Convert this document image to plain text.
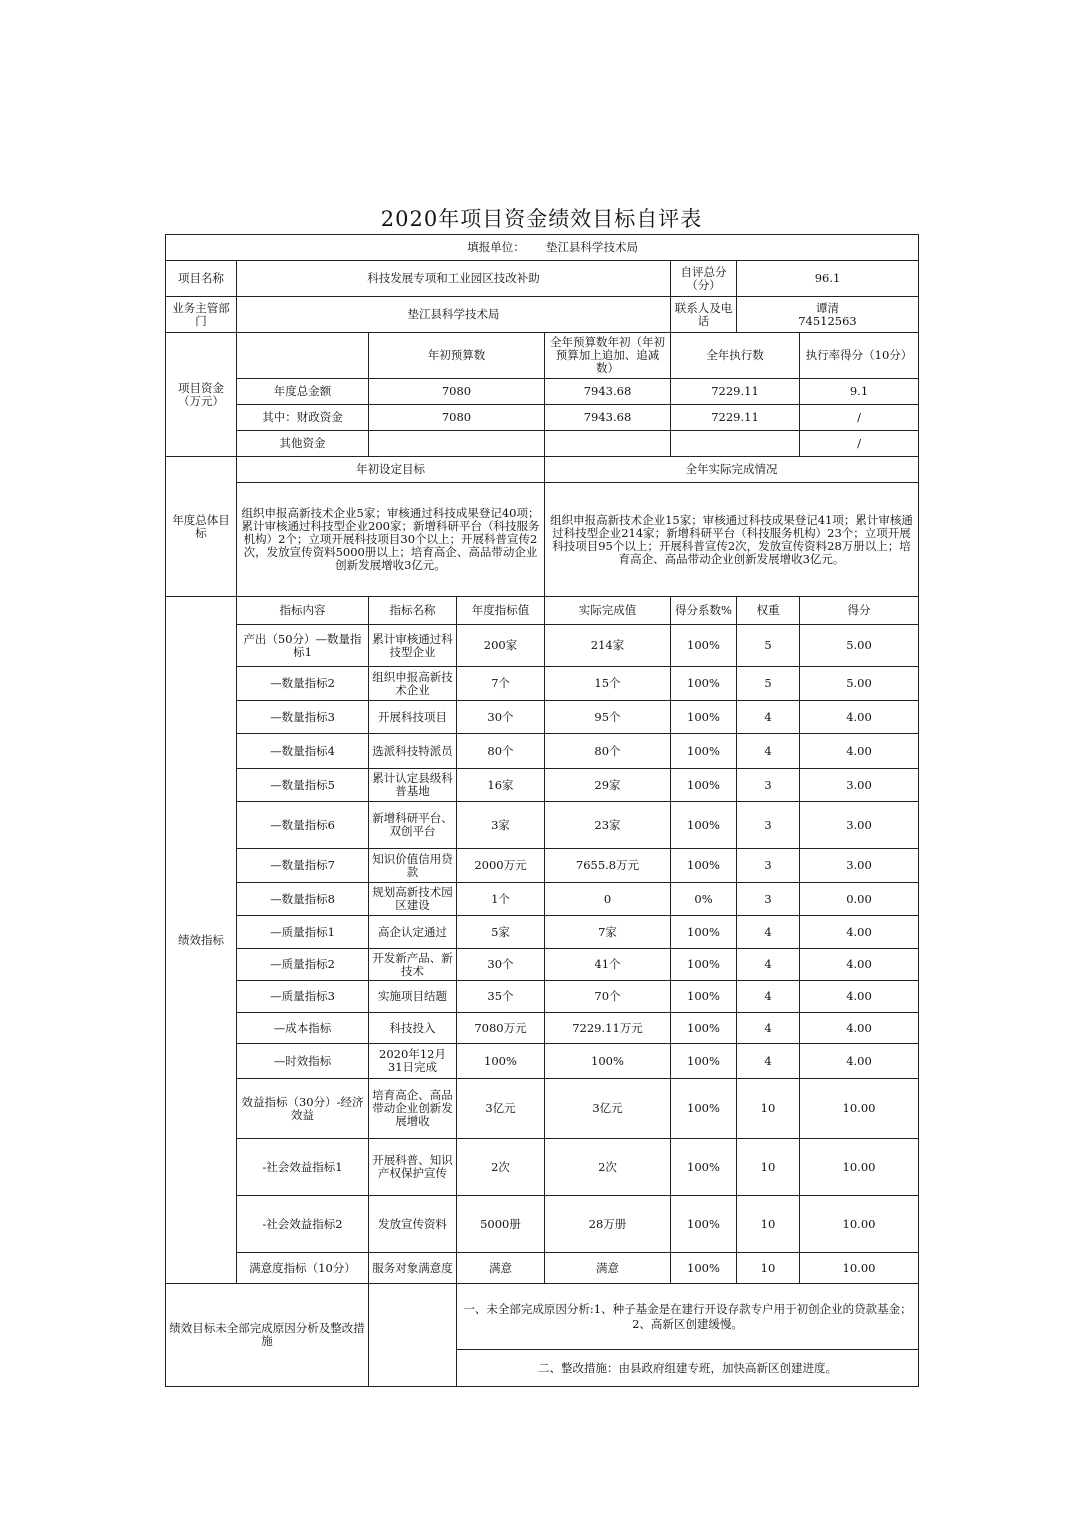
2020年项目资金绩效目标自评表
填报单位： 垫江县科学技术局							
项目名称	科技发展专项和工业园区技改补助				自评总分（分）	96.1	
业务主管部门	垫江县科学技术局				联系人及电话	谭清
74512563	
项目资金（万元）		年初预算数		全年预算数年初（年初预算加上追加、追减数）	全年执行数		执行率得分（10分）
	年度总金额	7080		7943.68	7229.11		9.1
	其中：财政资金	7080		7943.68	7229.11		/
	其他资金						/
年度总体目标	年初设定目标			全年实际完成情况			
	组织申报高新技术企业5家；审核通过科技成果登记40项；累计审核通过科技型企业200家；新增科研平台（科技服务机构）2个；立项开展科技项目30个以上；开展科普宣传2次，发放宣传资料5000册以上；培育高企、高品带动企业创新发展增收3亿元。			组织申报高新技术企业15家；审核通过科技成果登记41项；累计审核通过科技型企业214家；新增科研平台（科技服务机构）23个；立项开展科技项目95个以上；开展科普宣传2次，发放宣传资料28万册以上；培育高企、高品带动企业创新发展增收3亿元。			
绩效指标	指标内容	指标名称	年度指标值	实际完成值	得分系数%	权重	得分
	产出（50分）—数量指标1	累计审核通过科技型企业	200家	214家	100%	5	5.00
	—数量指标2	组织申报高新技术企业	7个	15个	100%	5	5.00
	—数量指标3	开展科技项目	30个	95个	100%	4	4.00
	—数量指标4	选派科技特派员	80个	80个	100%	4	4.00
	—数量指标5	累计认定县级科普基地	16家	29家	100%	3	3.00
	—数量指标6	新增科研平台、双创平台	3家	23家	100%	3	3.00
	—数量指标7	知识价值信用贷款	2000万元	7655.8万元	100%	3	3.00
	—数量指标8	规划高新技术园区建设	1个	0	0%	3	0.00
	—质量指标1	高企认定通过	5家	7家	100%	4	4.00
	—质量指标2	开发新产品、新技术	30个	41个	100%	4	4.00
	—质量指标3	实施项目结题	35个	70个	100%	4	4.00
	—成本指标	科技投入	7080万元	7229.11万元	100%	4	4.00
	—时效指标	2020年12月31日完成	100%	100%	100%	4	4.00
	效益指标（30分）-经济效益	培育高企、高品带动企业创新发展增收	3亿元	3亿元	100%	10	10.00
	-社会效益指标1	开展科普、知识产权保护宣传	2次	2次	100%	10	10.00
	-社会效益指标2	发放宣传资料	5000册	28万册	100%	10	10.00
	满意度指标（10分）	服务对象满意度	满意	满意	100%	10	10.00
绩效目标未全部完成原因分析及整改措施			一、未全部完成原因分析:1、种子基金是在建行开设存款专户用于初创企业的贷款基金；2、高新区创建缓慢。				
			二、整改措施：由县政府组建专班，加快高新区创建进度。				
